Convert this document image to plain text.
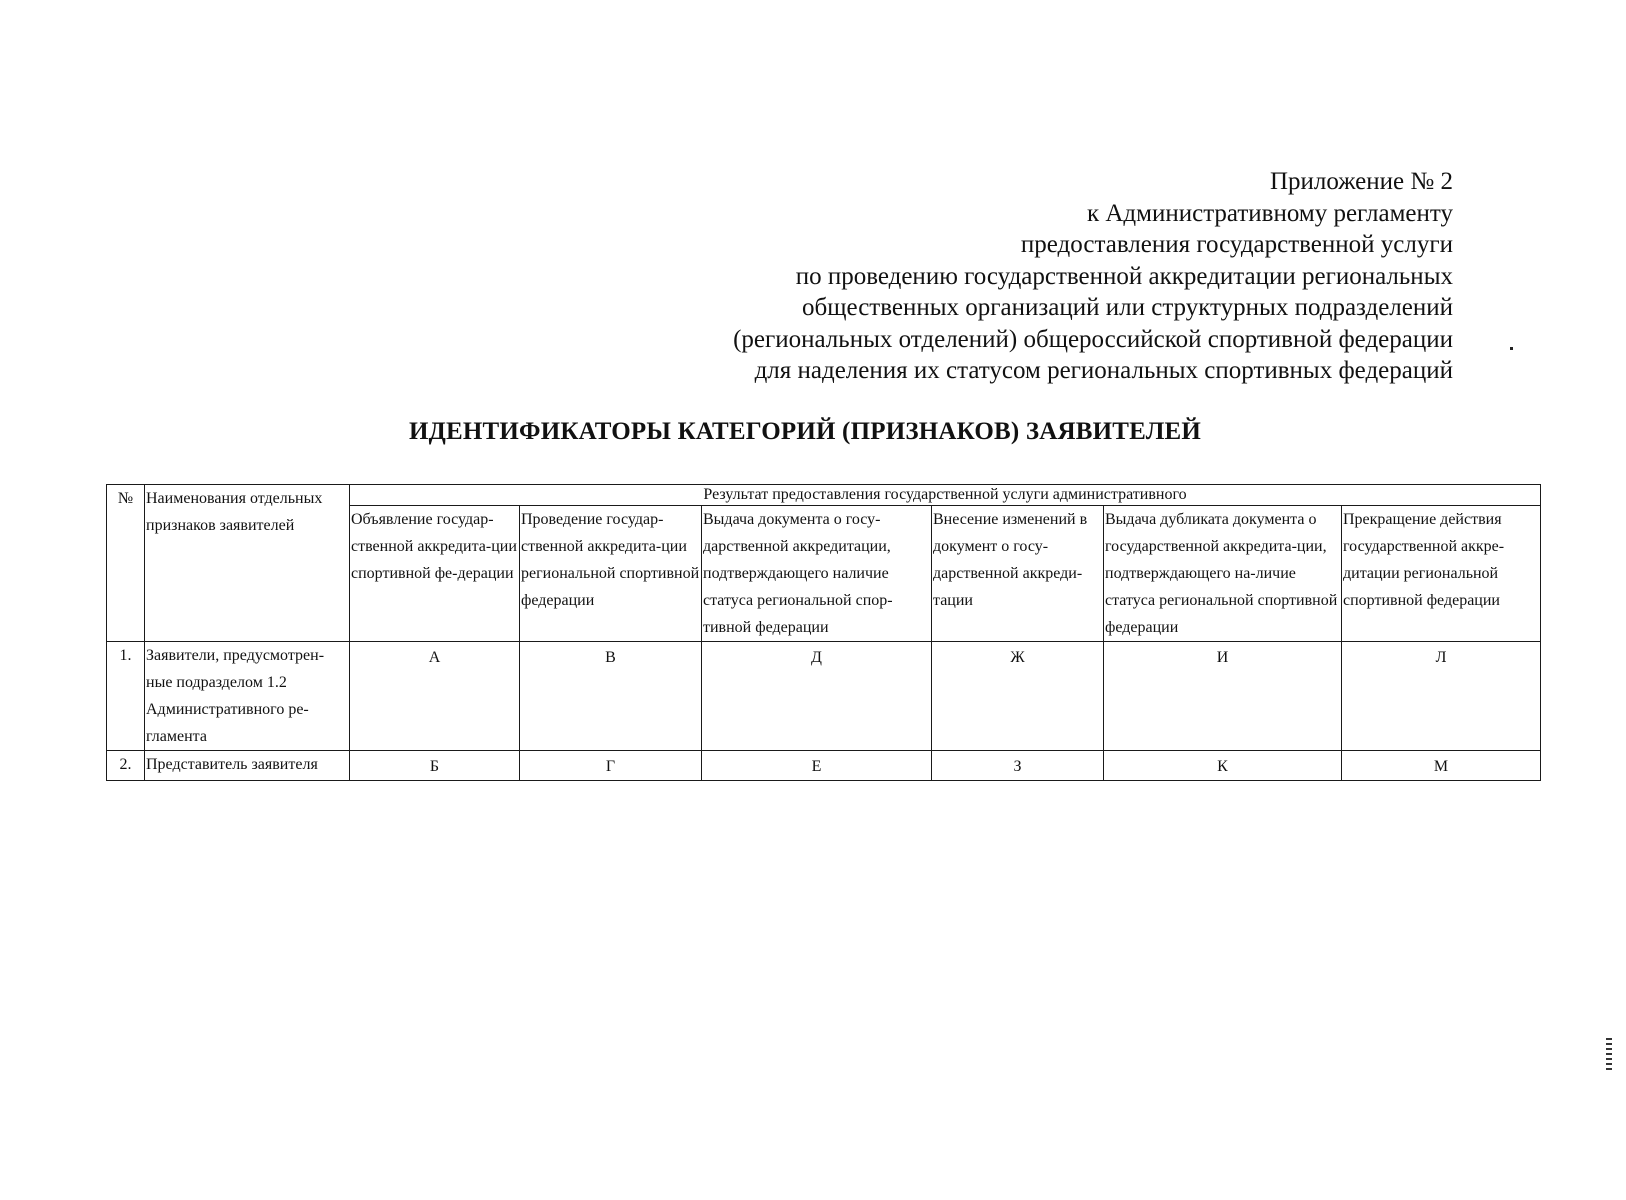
Приложение № 2
к Административному регламенту
предоставления государственной услуги
по проведению государственной аккредитации региональных
общественных организаций или структурных подразделений
(региональных отделений) общероссийской спортивной федерации
для наделения их статусом региональных спортивных федераций
ИДЕНТИФИКАТОРЫ КАТЕГОРИЙ (ПРИЗНАКОВ) ЗАЯВИТЕЛЕЙ
№	Наименования отдельных признаков заявителей	Результат предоставления государственной услуги административного					
		Объявление государ-ственной аккредита-ции спортивной фе-дерации	Проведение государ-ственной аккредита-ции региональной спортивной федерации	Выдача документа о госу-дарственной аккредитации, подтверждающего наличие статуса региональной спор-тивной федерации	Внесение изменений в документ о госу-дарственной аккреди-тации	Выдача дубликата документа о государственной аккредита-ции, подтверждающего на-личие статуса региональной спортивной федерации	Прекращение действия государственной аккре-дитации региональной спортивной федерации
1.	Заявители, предусмотрен-ные подразделом 1.2 Административного ре-гламента	А	В	Д	Ж	И	Л
2.	Представитель заявителя	Б	Г	Е	З	К	М
